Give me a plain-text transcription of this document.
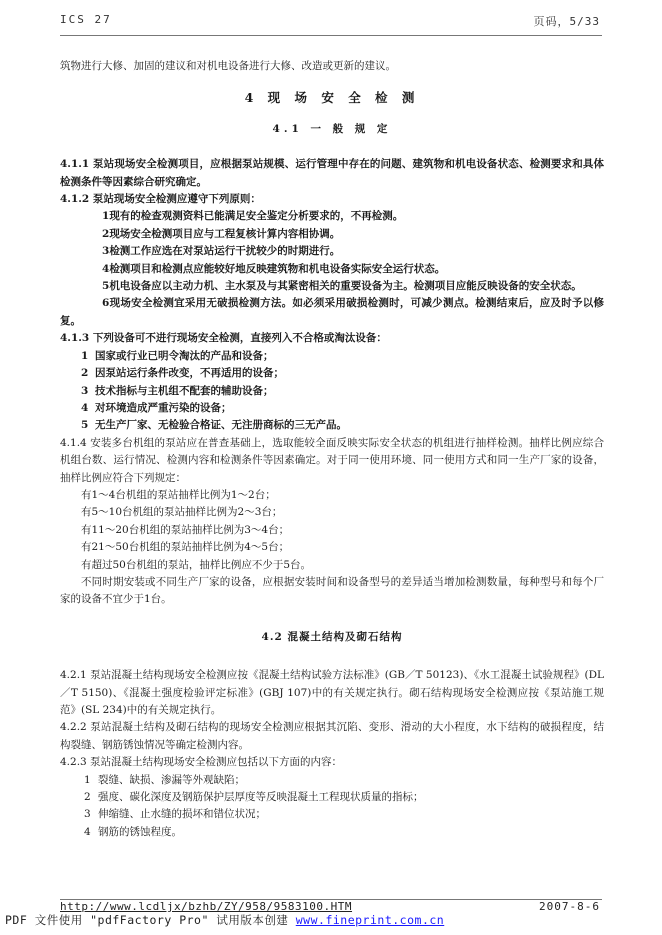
ICS 27	页码，5/33
筑物进行大修、加固的建议和对机电设备进行大修、改造或更新的建议。
4 现 场 安 全 检 测
4.1 一 般 规 定
4.1.1 泵站现场安全检测项目，应根据泵站规模、运行管理中存在的问题、建筑物和机电设备状态、检测要求和具体检测条件等因素综合研究确定。
4.1.2 泵站现场安全检测应遵守下列原则：
1现有的检查观测资料已能满足安全鉴定分析要求的，不再检测。
2现场安全检测项目应与工程复核计算内容相协调。
3检测工作应选在对泵站运行干扰较少的时期进行。
4检测项目和检测点应能较好地反映建筑物和机电设备实际安全运行状态。
5机电设备应以主动力机、主水泵及与其紧密相关的重要设备为主。检测项目应能反映设备的安全状态。
6现场安全检测宜采用无破损检测方法。如必须采用破损检测时，可减少测点。检测结束后，应及时予以修复。
4.1.3 下列设备可不进行现场安全检测，直接列入不合格或淘汰设备：
1 国家或行业已明令淘汰的产品和设备；
2 因泵站运行条件改变，不再适用的设备；
3 技术指标与主机组不配套的辅助设备；
4 对环境造成严重污染的设备；
5 无生产厂家、无检验合格证、无注册商标的三无产品。
4.1.4 安装多台机组的泵站应在普查基础上，选取能较全面反映实际安全状态的机组进行抽样检测。抽样比例应综合机组台数、运行情况、检测内容和检测条件等因素确定。对于同一使用环境、同一使用方式和同一生产厂家的设备，抽样比例应符合下列规定：
有1～4台机组的泵站抽样比例为1～2台；
有5～10台机组的泵站抽样比例为2～3台；
有11～20台机组的泵站抽样比例为3～4台；
有21～50台机组的泵站抽样比例为4～5台；
有超过50台机组的泵站，抽样比例应不少于5台。
不同时期安装或不同生产厂家的设备，应根据安装时间和设备型号的差异适当增加检测数量，每种型号和每个厂家的设备不宜少于1台。
4.2 混凝土结构及砌石结构
4.2.1 泵站混凝土结构现场安全检测应按《混凝土结构试验方法标准》(GB／T 50123)、《水工混凝土试验规程》(DL／T 5150)、《混凝土强度检验评定标准》(GBJ 107)中的有关规定执行。砌石结构现场安全检测应按《泵站施工规范》(SL 234)中的有关规定执行。
4.2.2 泵站混凝土结构及砌石结构的现场安全检测应根据其沉陷、变形、滑动的大小程度，水下结构的破损程度，结构裂缝、钢筋锈蚀情况等确定检测内容。
4.2.3 泵站混凝土结构现场安全检测应包括以下方面的内容：
1 裂缝、缺损、渗漏等外观缺陷；
2 强度、碳化深度及钢筋保护层厚度等反映混凝土工程现状质量的指标；
3 伸缩缝、止水缝的损坏和错位状况；
4 钢筋的锈蚀程度。
http://www.lcdljx/bzhb/ZY/958/9583100.HTM	2007-8-6
PDF 文件使用 "pdfFactory Pro" 试用版本创建 www.fineprint.com.cn
